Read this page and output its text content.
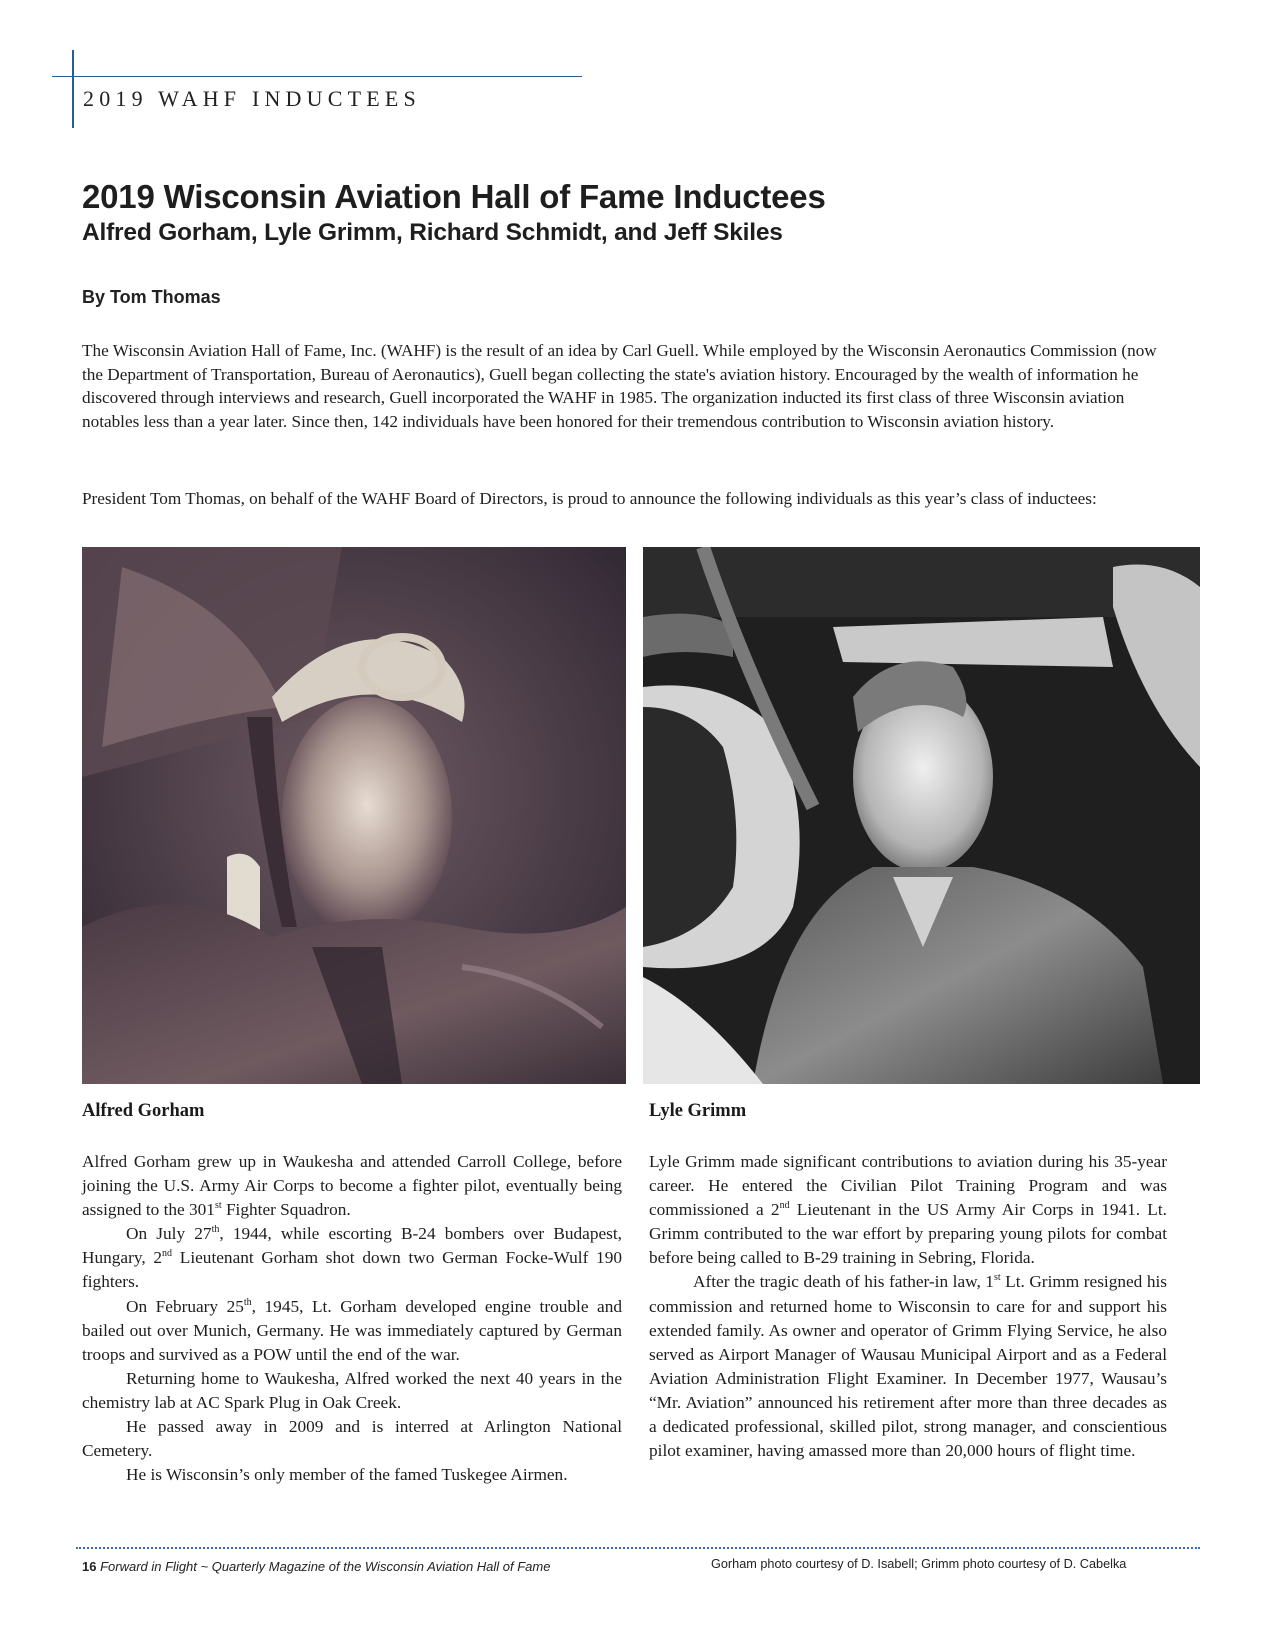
2019 WAHF INDUCTEES
2019 Wisconsin Aviation Hall of Fame Inductees
Alfred Gorham, Lyle Grimm, Richard Schmidt, and Jeff Skiles
By Tom Thomas
The Wisconsin Aviation Hall of Fame, Inc. (WAHF) is the result of an idea by Carl Guell. While employed by the Wisconsin Aeronautics Commission (now the Department of Transportation, Bureau of Aeronautics), Guell began collecting the state's aviation history. Encouraged by the wealth of information he discovered through interviews and research, Guell incorporated the WAHF in 1985. The organization inducted its first class of three Wisconsin aviation notables less than a year later. Since then, 142 individuals have been honored for their tremendous contribution to Wisconsin aviation history.
President Tom Thomas, on behalf of the WAHF Board of Directors, is proud to announce the following individuals as this year’s class of inductees:
Alfred Gorham	Lyle Grimm

Alfred Gorham grew up in Waukesha and attended Carroll College, before joining the U.S. Army Air Corps to become a fighter pilot, eventually being assigned to the 301st Fighter Squadron.

On July 27th, 1944, while escorting B-24 bombers over Budapest, Hungary, 2nd Lieutenant Gorham shot down two German Focke-Wulf 190 fighters.

On February 25th, 1945, Lt. Gorham developed engine trouble and bailed out over Munich, Germany. He was immediately captured by German troops and survived as a POW until the end of the war.

Returning home to Waukesha, Alfred worked the next 40 years in the chemistry lab at AC Spark Plug in Oak Creek.

He passed away in 2009 and is interred at Arlington National Cemetery.

He is Wisconsin’s only member of the famed Tuskegee Airmen.

Lyle Grimm made significant contributions to aviation during his 35-year career. He entered the Civilian Pilot Training Program and was commissioned a 2nd Lieutenant in the US Army Air Corps in 1941. Lt. Grimm contributed to the war effort by preparing young pilots for combat before being called to B-29 training in Sebring, Florida.

After the tragic death of his father-in law, 1st Lt. Grimm resigned his commission and returned home to Wisconsin to care for and support his extended family. As owner and operator of Grimm Flying Service, he also served as Airport Manager of Wausau Municipal Airport and as a Federal Aviation Administration Flight Examiner. In December 1977, Wausau’s “Mr. Aviation” announced his retirement after more than three decades as a dedicated professional, skilled pilot, strong manager, and conscientious pilot examiner, having amassed more than 20,000 hours of flight time.

16 Forward in Flight ~ Quarterly Magazine of the Wisconsin Aviation Hall of Fame	Gorham photo courtesy of D. Isabell; Grimm photo courtesy of D. Cabelka
